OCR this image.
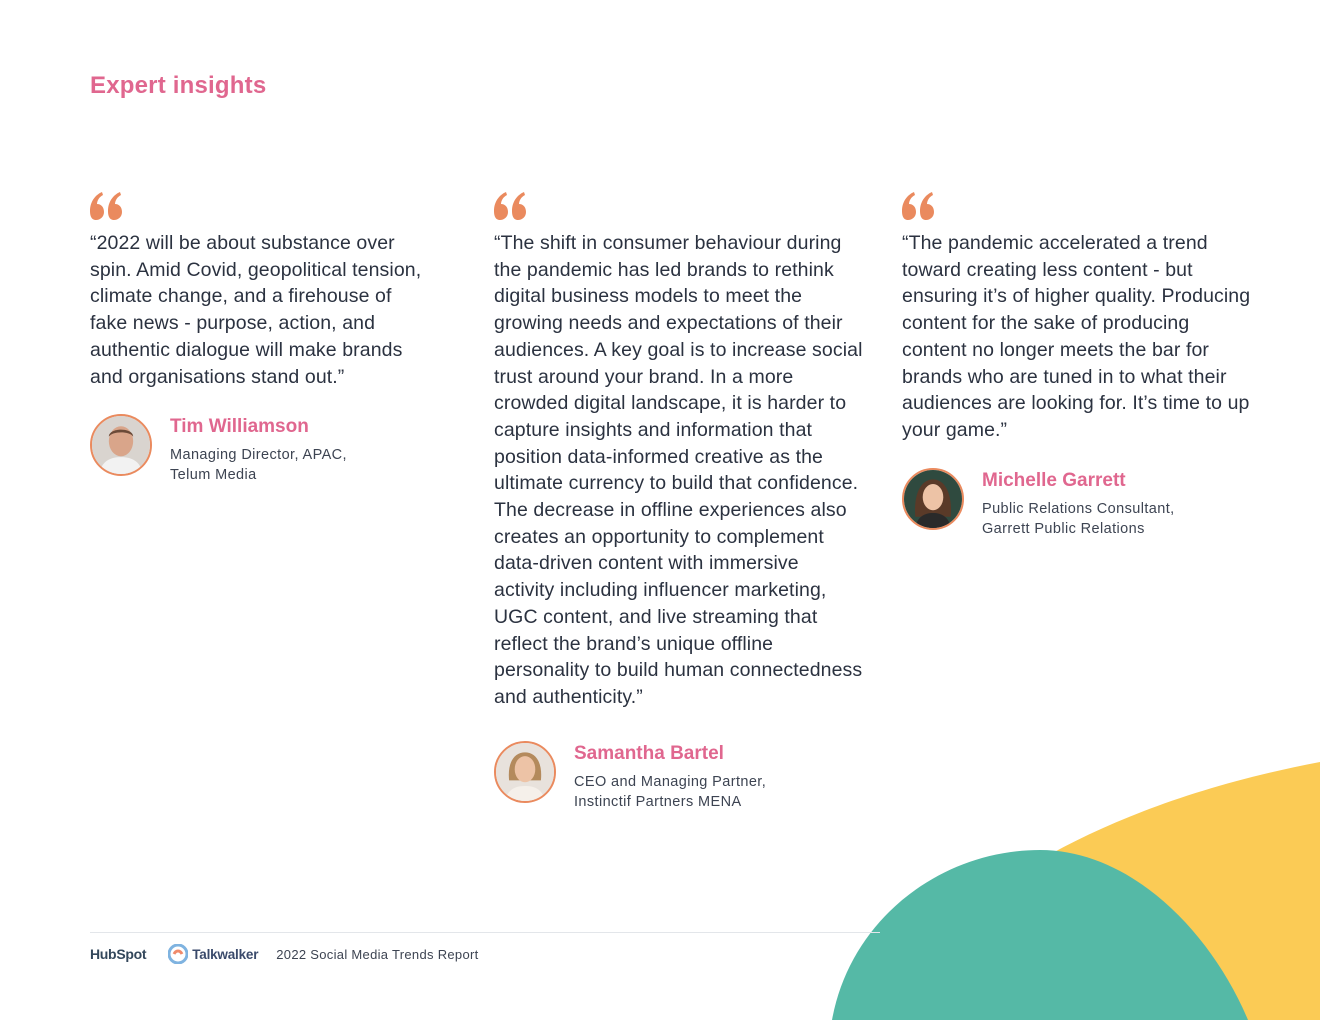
Expert insights

“2022 will be about substance over spin. Amid Covid, geopolitical tension, climate change, and a firehouse of fake news - purpose, action, and authentic dialogue will make brands and organisations stand out.”

Tim Williamson
Managing Director, APAC,
Telum Media

“The shift in consumer behaviour during the pandemic has led brands to rethink digital business models to meet the growing needs and expectations of their audiences. A key goal is to increase social trust around your brand. In a more crowded digital landscape, it is harder to capture insights and information that position data-informed creative as the ultimate currency to build that confidence. The decrease in offline experiences also creates an opportunity to complement data-driven content with immersive activity including influencer marketing, UGC content, and live streaming that reflect the brand’s unique offline personality to build human connectedness and authenticity.”

Samantha Bartel
CEO and Managing Partner,
Instinctif Partners MENA

“The pandemic accelerated a trend toward creating less content - but ensuring it’s of higher quality. Producing content for the sake of producing content no longer meets the bar for brands who are tuned in to what their audiences are looking for. It’s time to up your game.”

Michelle Garrett
Public Relations Consultant,
Garrett Public Relations
HubSpot	Talkwalker 2022 Social Media Trends Report
